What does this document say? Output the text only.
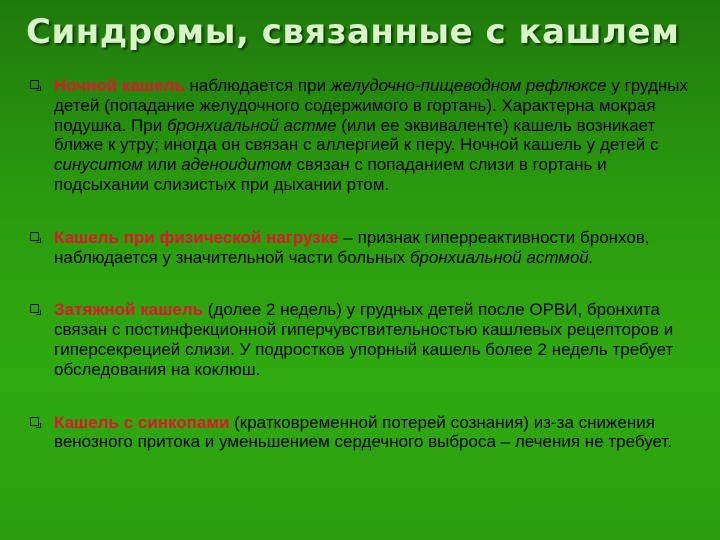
Синдромы, связанные с кашлем
Ночной кашель наблюдается при желудочно-пищеводном рефлюксе у грудных детей (попадание желудочного содержимого в гортань). Характерна мокрая подушка. При бронхиальной астме (или ее эквиваленте) кашель возникает ближе к утру; иногда он связан с аллергией к перу. Ночной кашель у детей с синуситом или аденоидитом связан с попаданием слизи в гортань и подсыхании слизистых при дыхании ртом.
Кашель при физической нагрузке – признак гиперреактивности бронхов, наблюдается у значительной части больных бронхиальной астмой.
Затяжной кашель (долее 2 недель) у грудных детей после ОРВИ, бронхита связан с постинфекционной гиперчувствительностью кашлевых рецепторов и гиперсекрецией слизи. У подростков упорный кашель более 2 недель требует обследования на коклюш.
Кашель с синкопами (кратковременной потерей сознания) из-за снижения венозного притока и уменьшением сердечного выброса – лечения не требует.
